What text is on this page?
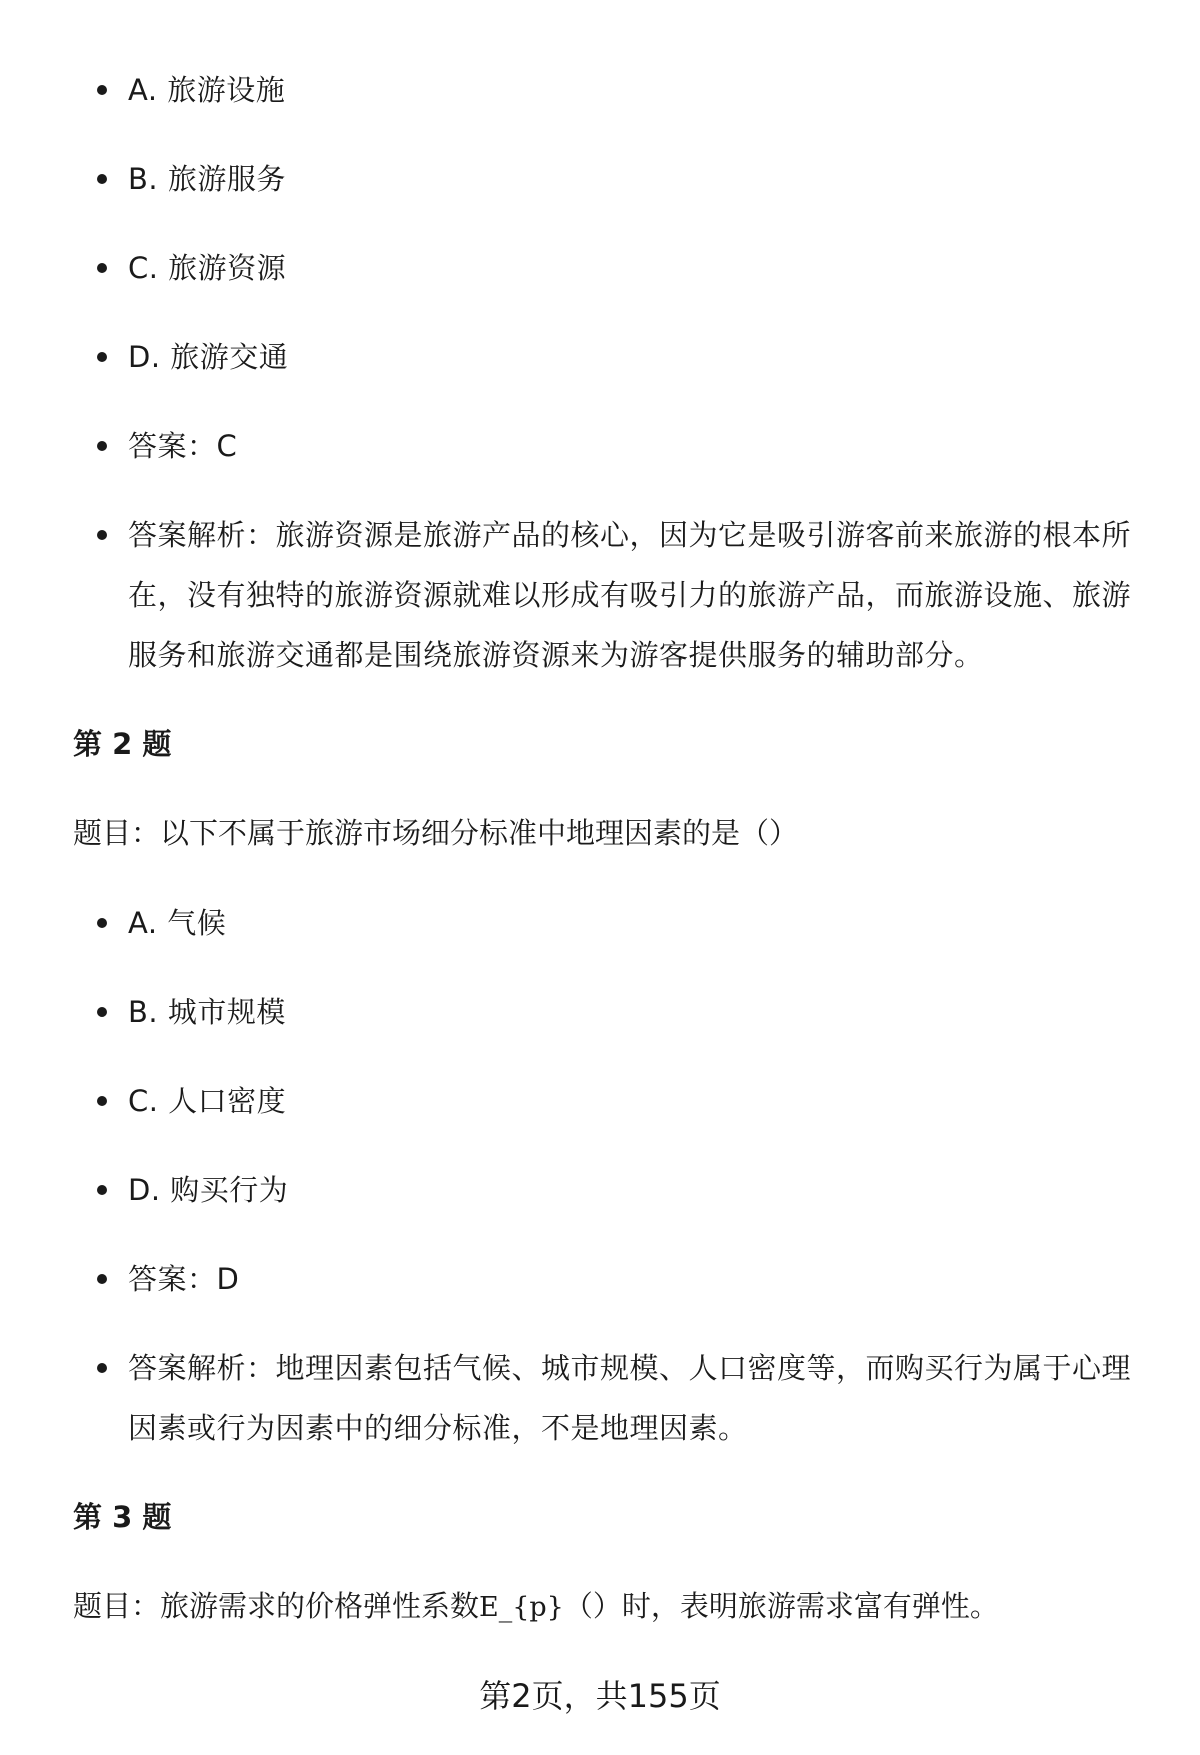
A. 旅游设施
B. 旅游服务
C. 旅游资源
D. 旅游交通
答案：C
答案解析：旅游资源是旅游产品的核心，因为它是吸引游客前来旅游的根本所在，没有独特的旅游资源就难以形成有吸引力的旅游产品，而旅游设施、旅游服务和旅游交通都是围绕旅游资源来为游客提供服务的辅助部分。
第 2 题
题目：以下不属于旅游市场细分标准中地理因素的是（）
A. 气候
B. 城市规模
C. 人口密度
D. 购买行为
答案：D
答案解析：地理因素包括气候、城市规模、人口密度等，而购买行为属于心理因素或行为因素中的细分标准，不是地理因素。
第 3 题
题目：旅游需求的价格弹性系数E_{p}（）时，表明旅游需求富有弹性。
第2页，共155页
